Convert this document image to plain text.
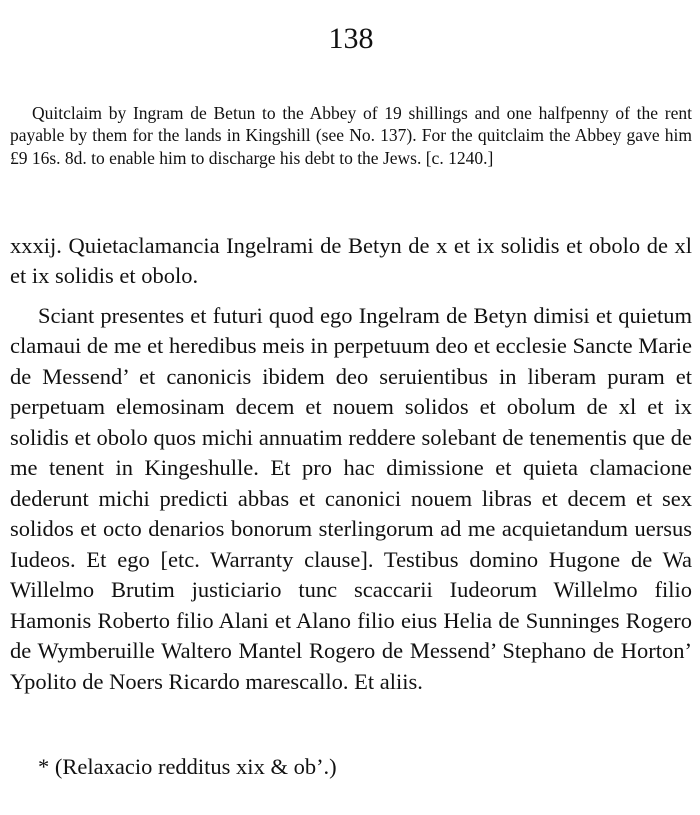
138

Quitclaim by Ingram de Betun to the Abbey of 19 shillings and one halfpenny of the rent payable by them for the lands in Kingshill (see No. 137). For the quitclaim the Abbey gave him £9 16s. 8d. to enable him to discharge his debt to the Jews. [c. 1240.]

xxxij. Quietaclamancia Ingelrami de Betyn de x et ix solidis et obolo de xl et ix solidis et obolo.

Sciant presentes et futuri quod ego Ingelram de Betyn dimisi et quietum clamaui de me et heredibus meis in perpetuum deo et ecclesie Sancte Marie de Messend’ et canonicis ibidem deo seruientibus in liberam puram et perpetuam elemosinam decem et nouem solidos et obolum de xl et ix solidis et obolo quos michi annuatim reddere solebant de tenementis que de me tenent in Kingeshulle. Et pro hac dimissione et quieta clamacione dederunt michi predicti abbas et canonici nouem libras et decem et sex solidos et octo denarios bonorum sterlingorum ad me acquietandum uersus Iudeos. Et ego [etc. Warranty clause]. Testibus domino Hugone de Wa Willelmo Brutim justiciario tunc scaccarii Iudeorum Willelmo filio Hamonis Roberto filio Alani et Alano filio eius Helia de Sunninges Rogero de Wymberuille Waltero Mantel Rogero de Messend’ Stephano de Horton’ Ypolito de Noers Ricardo marescallo. Et aliis.

* (Relaxacio redditus xix & ob’.)
